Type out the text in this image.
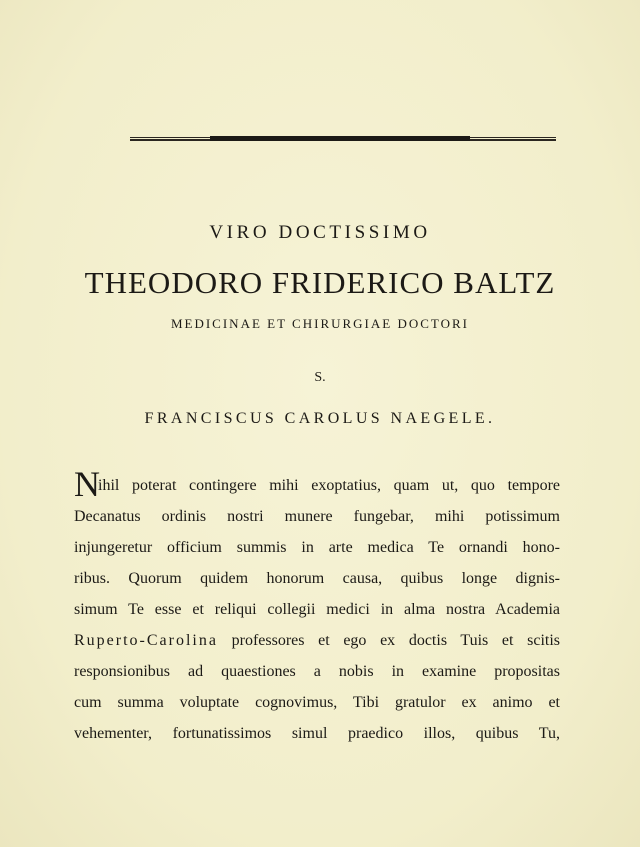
VIRO DOCTISSIMO
THEODORO FRIDERICO BALTZ
MEDICINAE ET CHIRURGIAE DOCTORI
S.
FRANCISCUS CAROLUS NAEGELE.
N
ihil poterat contingere mihi exoptatius, quam ut, quo tempore
Decanatus ordinis nostri munere fungebar, mihi potissimum
injungeretur officium summis in arte medica Te ornandi hono-
ribus. Quorum quidem honorum causa, quibus longe dignis-
simum Te esse et reliqui collegii medici in alma nostra Academia
Ruperto-Carolina professores et ego ex doctis Tuis et scitis
responsionibus ad quaestiones a nobis in examine propositas
cum summa voluptate cognovimus, Tibi gratulor ex animo et
vehementer, fortunatissimos simul praedico illos, quibus Tu,
